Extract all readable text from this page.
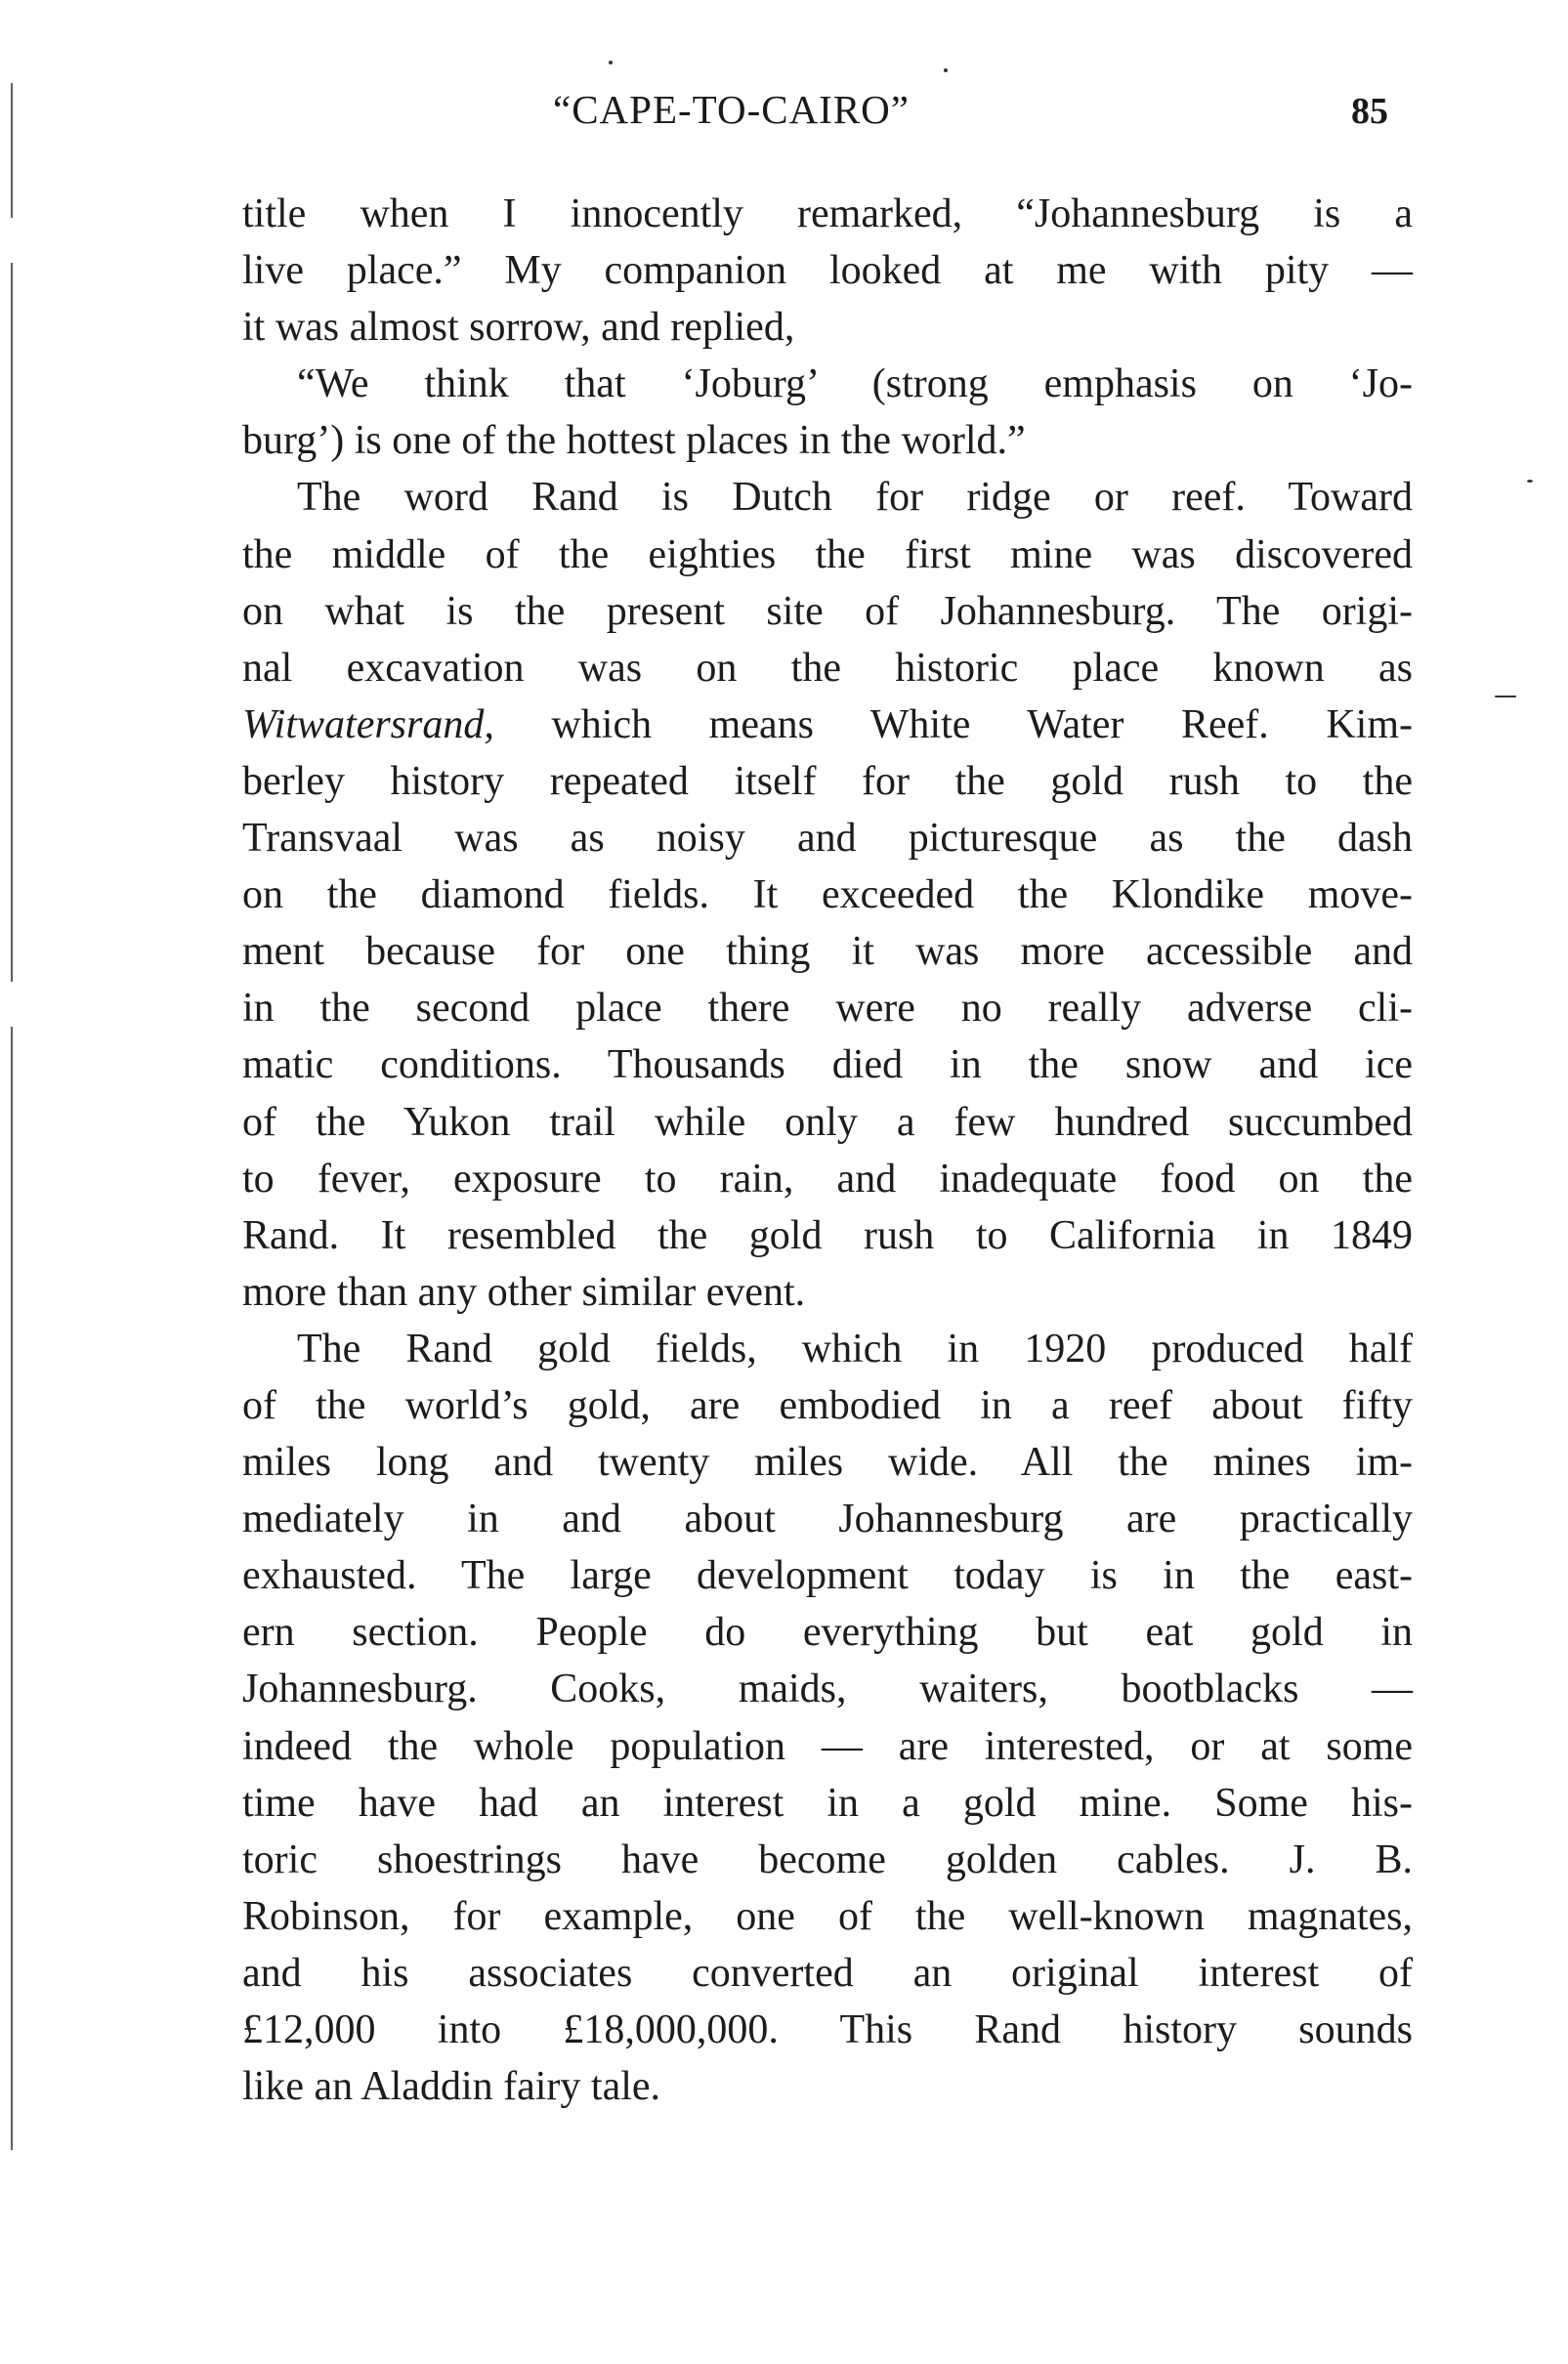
“CAPE-TO-CAIRO”	85
title when I innocently remarked, “Johannesburg is a
live place.” My companion looked at me with pity —
it was almost sorrow, and replied,
“We think that ‘Joburg’ (strong emphasis on ‘Jo-
burg’) is one of the hottest places in the world.”
The word Rand is Dutch for ridge or reef. Toward
the middle of the eighties the first mine was discovered
on what is the present site of Johannesburg. The origi-
nal excavation was on the historic place known as
Witwatersrand, which means White Water Reef. Kim-
berley history repeated itself for the gold rush to the
Transvaal was as noisy and picturesque as the dash
on the diamond fields. It exceeded the Klondike move-
ment because for one thing it was more accessible and
in the second place there were no really adverse cli-
matic conditions. Thousands died in the snow and ice
of the Yukon trail while only a few hundred succumbed
to fever, exposure to rain, and inadequate food on the
Rand. It resembled the gold rush to California in 1849
more than any other similar event.
The Rand gold fields, which in 1920 produced half
of the world’s gold, are embodied in a reef about fifty
miles long and twenty miles wide. All the mines im-
mediately in and about Johannesburg are practically
exhausted. The large development today is in the east-
ern section. People do everything but eat gold in
Johannesburg. Cooks, maids, waiters, bootblacks —
indeed the whole population — are interested, or at some
time have had an interest in a gold mine. Some his-
toric shoestrings have become golden cables. J. B.
Robinson, for example, one of the well-known magnates,
and his associates converted an original interest of
£12,000 into £18,000,000. This Rand history sounds
like an Aladdin fairy tale.
